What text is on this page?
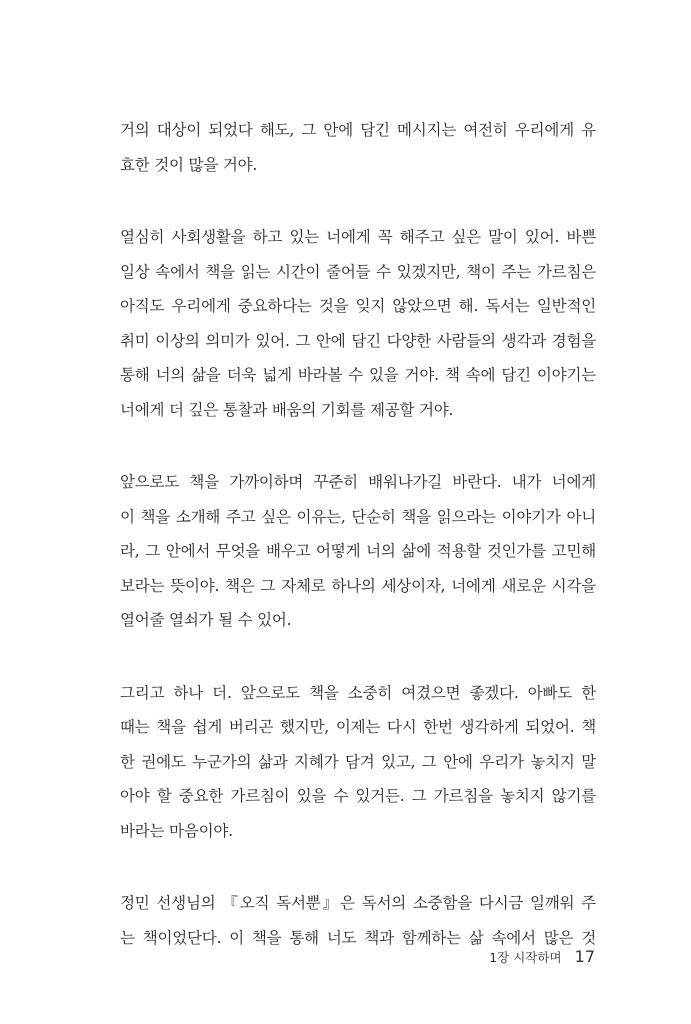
거의 대상이 되었다 해도, 그 안에 담긴 메시지는 여전히 우리에게 유
효한 것이 많을 거야.

열심히 사회생활을 하고 있는 너에게 꼭 해주고 싶은 말이 있어. 바쁜
일상 속에서 책을 읽는 시간이 줄어들 수 있겠지만, 책이 주는 가르침은
아직도 우리에게 중요하다는 것을 잊지 않았으면 해. 독서는 일반적인
취미 이상의 의미가 있어. 그 안에 담긴 다양한 사람들의 생각과 경험을
통해 너의 삶을 더욱 넓게 바라볼 수 있을 거야. 책 속에 담긴 이야기는
너에게 더 깊은 통찰과 배움의 기회를 제공할 거야.

앞으로도 책을 가까이하며 꾸준히 배워나가길 바란다. 내가 너에게
이 책을 소개해 주고 싶은 이유는, 단순히 책을 읽으라는 이야기가 아니
라, 그 안에서 무엇을 배우고 어떻게 너의 삶에 적용할 것인가를 고민해
보라는 뜻이야. 책은 그 자체로 하나의 세상이자, 너에게 새로운 시각을
열어줄 열쇠가 될 수 있어.

그리고 하나 더. 앞으로도 책을 소중히 여겼으면 좋겠다. 아빠도 한
때는 책을 쉽게 버리곤 했지만, 이제는 다시 한번 생각하게 되었어. 책
한 권에도 누군가의 삶과 지혜가 담겨 있고, 그 안에 우리가 놓치지 말
아야 할 중요한 가르침이 있을 수 있거든. 그 가르침을 놓치지 않기를
바라는 마음이야.

정민 선생님의 『오직 독서뿐』은 독서의 소중함을 다시금 일깨워 주
는 책이었단다. 이 책을 통해 너도 책과 함께하는 삶 속에서 많은 것

1장 시작하며 17
